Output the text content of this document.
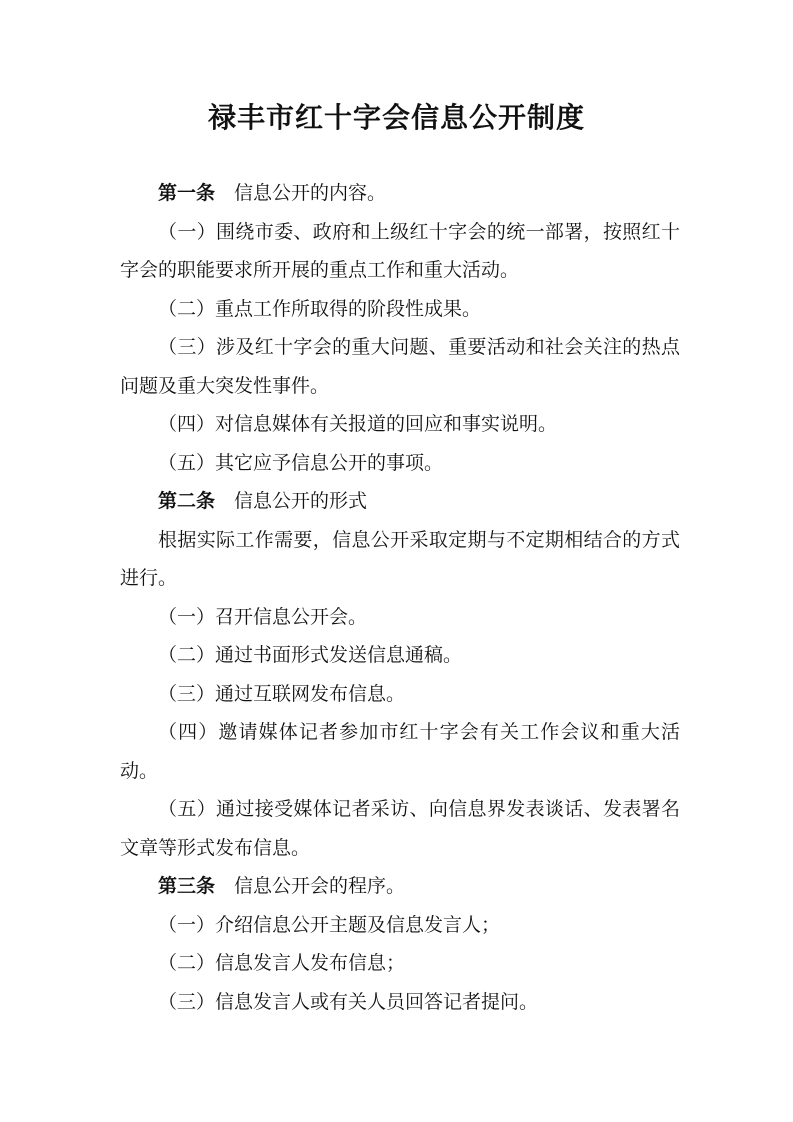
禄丰市红十字会信息公开制度

第一条 信息公开的内容。

（一）围绕市委、政府和上级红十字会的统一部署，按照红十字会的职能要求所开展的重点工作和重大活动。

（二）重点工作所取得的阶段性成果。

（三）涉及红十字会的重大问题、重要活动和社会关注的热点问题及重大突发性事件。

（四）对信息媒体有关报道的回应和事实说明。

（五）其它应予信息公开的事项。

第二条 信息公开的形式

根据实际工作需要，信息公开采取定期与不定期相结合的方式进行。

（一）召开信息公开会。

（二）通过书面形式发送信息通稿。

（三）通过互联网发布信息。

（四）邀请媒体记者参加市红十字会有关工作会议和重大活动。

（五）通过接受媒体记者采访、向信息界发表谈话、发表署名文章等形式发布信息。

第三条 信息公开会的程序。

（一）介绍信息公开主题及信息发言人；

（二）信息发言人发布信息；

（三）信息发言人或有关人员回答记者提问。
